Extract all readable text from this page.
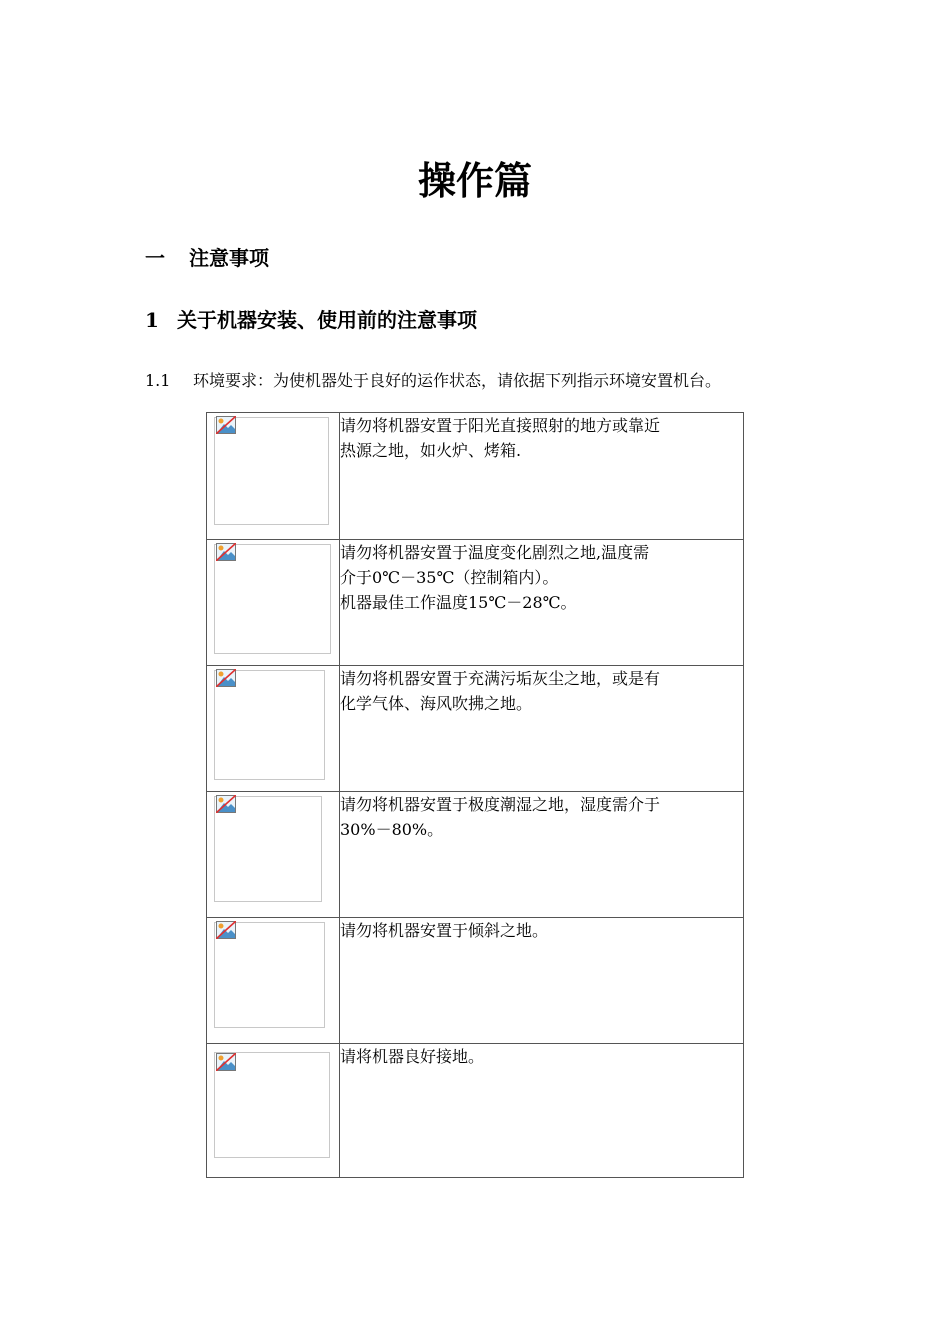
操作篇
一 注意事项
1 关于机器安装、使用前的注意事项
1.1 环境要求：为使机器处于良好的运作状态，请依据下列指示环境安置机台。

请勿将机器安置于阳光直接照射的地方或靠近
热源之地，如火炉、烤箱.

请勿将机器安置于温度变化剧烈之地,温度需
介于0℃－35℃（控制箱内）。
机器最佳工作温度15℃－28℃。

请勿将机器安置于充满污垢灰尘之地，或是有
化学气体、海风吹拂之地。

请勿将机器安置于极度潮湿之地，湿度需介于
30%－80%。

请勿将机器安置于倾斜之地。

请将机器良好接地。
